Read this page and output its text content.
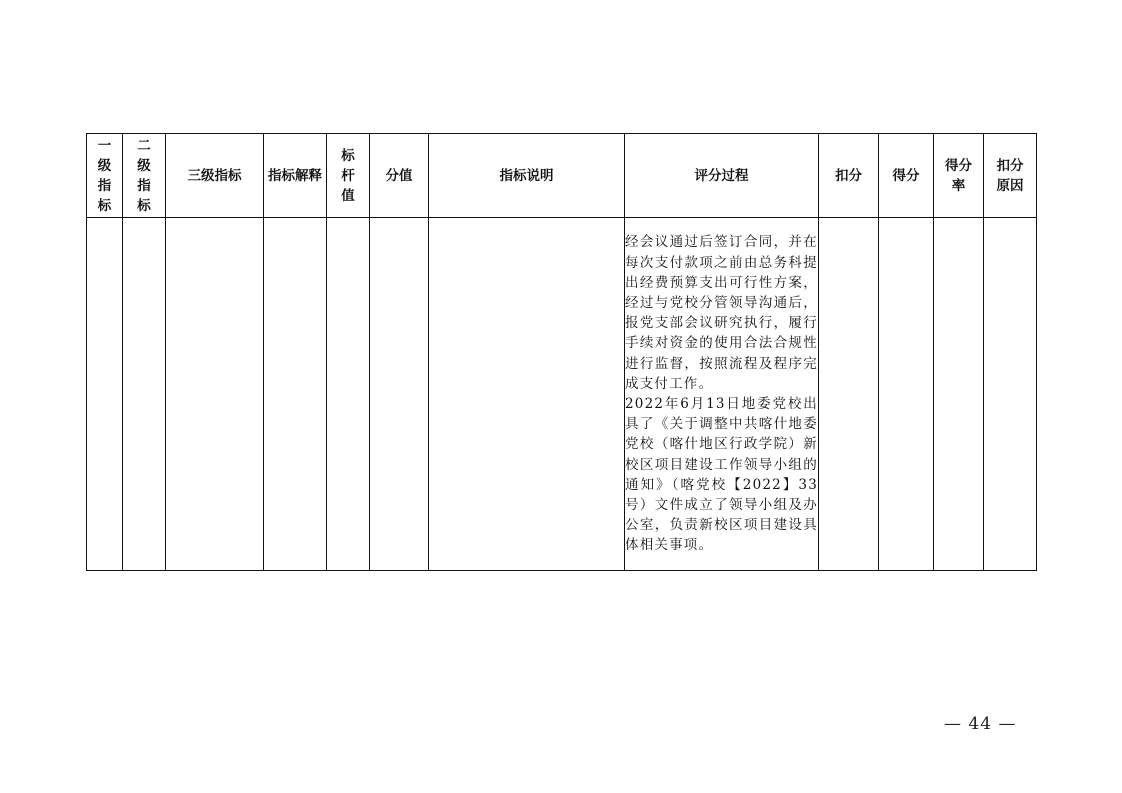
一级指标	二级指标	三级指标	指标解释	标杆值	分值	指标说明	评分过程	扣分	得分	得分率	扣分原因

							经会议通过后签订合同，并在每次支付款项之前由总务科提出经费预算支出可行性方案，经过与党校分管领导沟通后，报党支部会议研究执行，履行手续对资金的使用合法合规性进行监督，按照流程及程序完成支付工作。

2022年6月13日地委党校出具了《关于调整中共喀什地委党校（喀什地区行政学院）新校区项目建设工作领导小组的通知》（喀党校【2022】33号）文件成立了领导小组及办公室，负责新校区项目建设具体相关事项。				

— 44 —
